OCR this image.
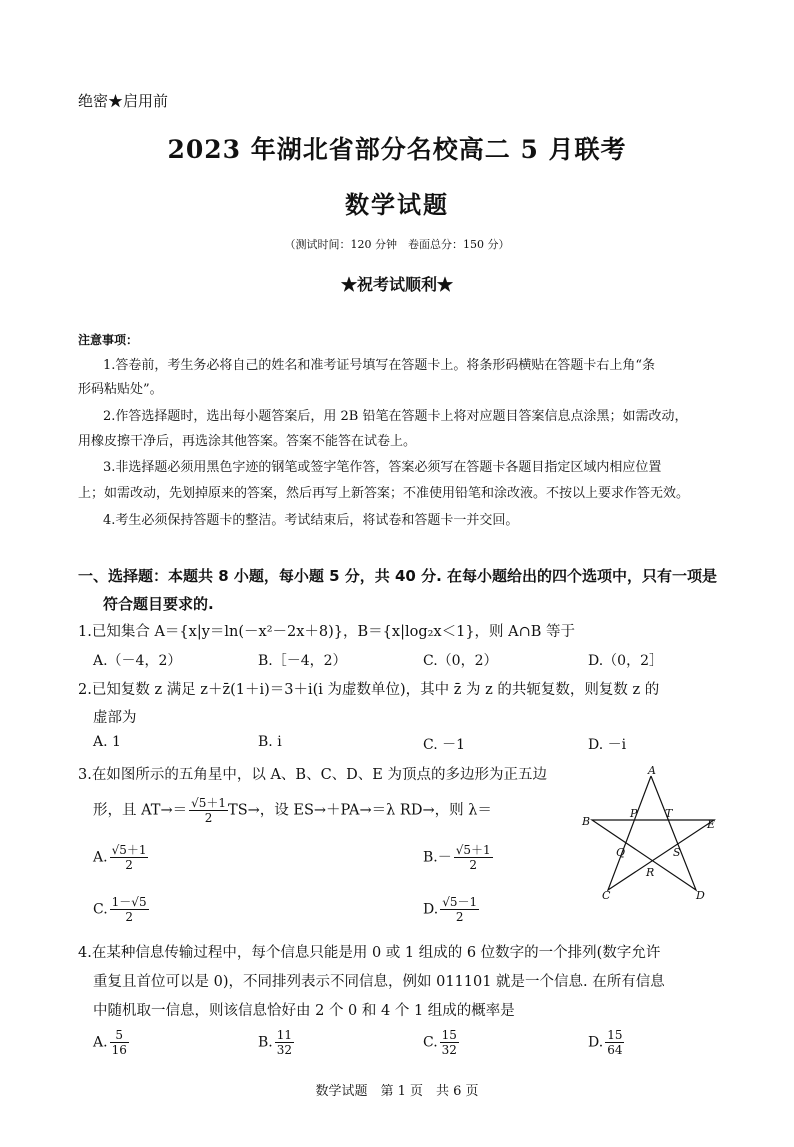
绝密★启用前
2023 年湖北省部分名校高二 5 月联考
数学试题
（测试时间：120 分钟　卷面总分：150 分）
★祝考试顺利★
注意事项：
1.答卷前，考生务必将自己的姓名和准考证号填写在答题卡上。将条形码横贴在答题卡右上角“条
形码粘贴处”。
2.作答选择题时，选出每小题答案后，用 2B 铅笔在答题卡上将对应题目答案信息点涂黑；如需改动，
用橡皮擦干净后，再选涂其他答案。答案不能答在试卷上。
3.非选择题必须用黑色字迹的钢笔或签字笔作答，答案必须写在答题卡各题目指定区域内相应位置
上；如需改动，先划掉原来的答案，然后再写上新答案；不准使用铅笔和涂改液。不按以上要求作答无效。
4.考生必须保持答题卡的整洁。考试结束后，将试卷和答题卡一并交回。
一、选择题：本题共 8 小题，每小题 5 分，共 40 分. 在每小题给出的四个选项中，只有一项是
符合题目要求的.
1.已知集合 A＝{x|y＝ln(－x²－2x＋8)}，B＝{x|log₂x＜1}，则 A∩B 等于
A.（－4，2）	B.［－4，2）	C.（0，2）	D.（0，2］
2.已知复数 z 满足 z＋z̄(1＋i)＝3＋i(i 为虚数单位)，其中 z̄ 为 z 的共轭复数，则复数 z 的
虚部为
A. 1	B. i	C. －1	D. －i
3.在如图所示的五角星中，以 A、B、C、D、E 为顶点的多边形为正五边
形，且 $AT\to= \frac{√5+1}{2} TS\to$，设 ES→＋PA→＝λ RD→，则 λ＝
A. $\frac{√5+1}{2}$	$B.- \frac{√5+1}{2}$
C. $\frac{1-√5}{2}$	D. $\frac{√5-1}{2}$
A
B
C	D
E
P	T
Q
R
S
4.在某种信息传输过程中，每个信息只能是用 0 或 1 组成的 6 位数字的一个排列(数字允许
重复且首位可以是 0)，不同排列表示不同信息，例如 011101 就是一个信息. 在所有信息
中随机取一信息，则该信息恰好由 2 个 0 和 4 个 1 组成的概率是
A. $\frac{5}{16}$	B. $\frac{11}{32}$	C. $\frac{15}{32}$	D. $\frac{15}{64}$
数学试题　第 1 页　共 6 页
